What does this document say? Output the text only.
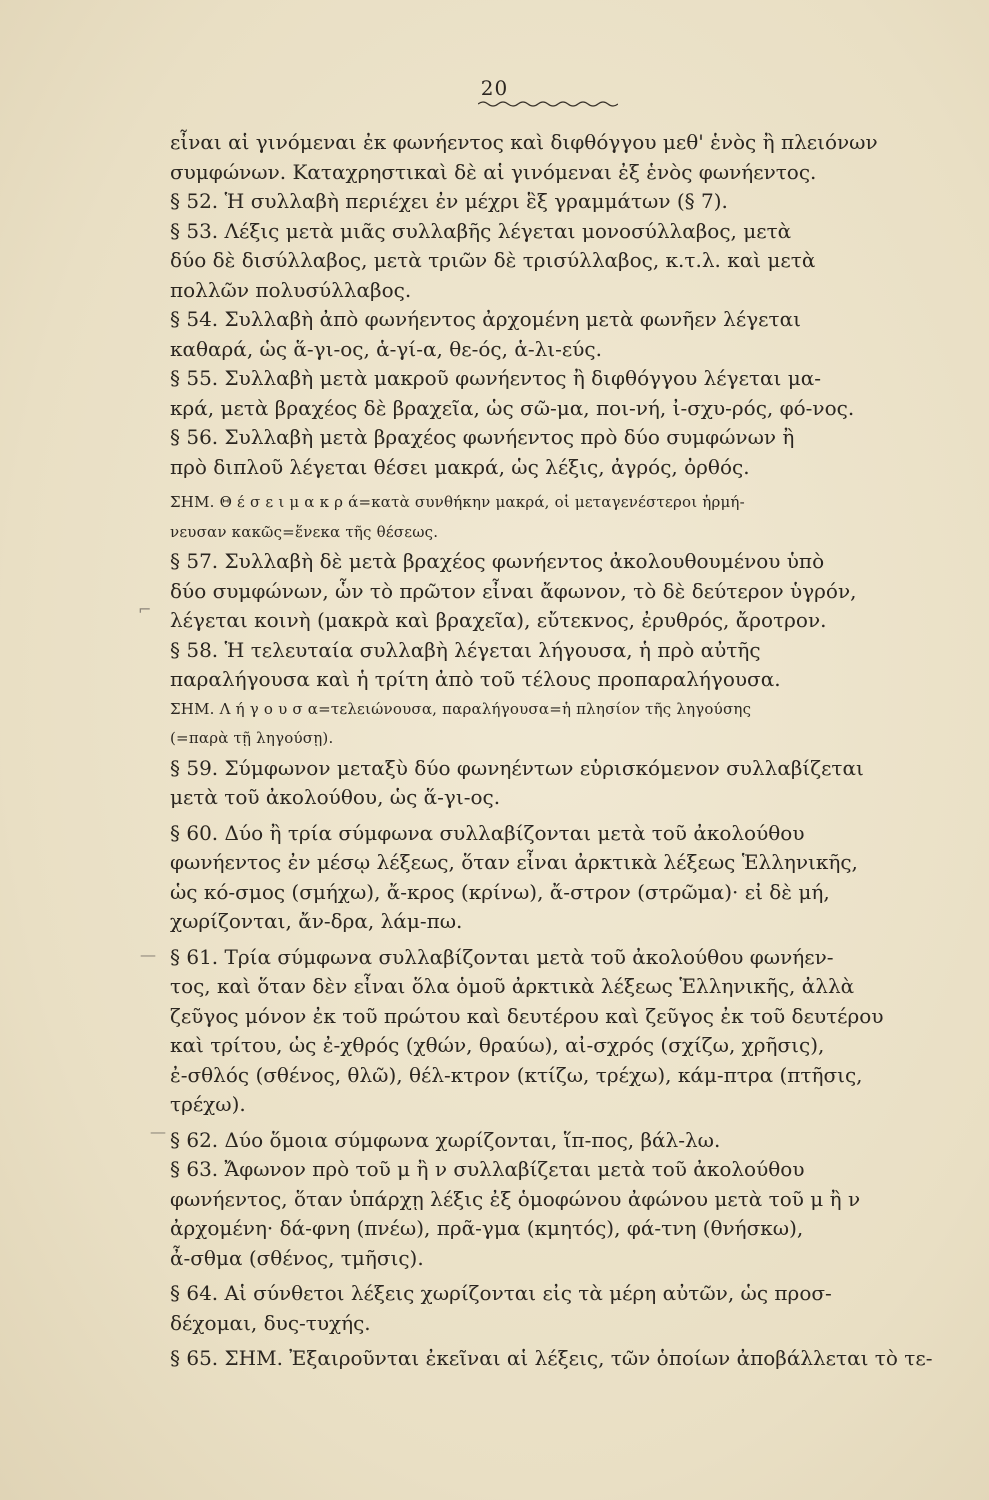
20
⌐
—
—
εἶναι αἱ γινόμεναι ἐκ φωνήεντος καὶ διφθόγγου μεθ' ἑνὸς ἢ πλειόνων
συμφώνων. Καταχρηστικαὶ δὲ αἱ γινόμεναι ἐξ ἑνὸς φωνήεντος.
§ 52. Ἡ συλλαβὴ περιέχει ἐν μέχρι ἓξ γραμμάτων (§ 7).
§ 53. Λέξις μετὰ μιᾶς συλλαβῆς λέγεται μονοσύλλαβος, μετὰ
δύο δὲ δισύλλαβος, μετὰ τριῶν δὲ τρισύλλαβος, κ.τ.λ. καὶ μετὰ
πολλῶν πολυσύλλαβος.
§ 54. Συλλαβὴ ἀπὸ φωνήεντος ἀρχομένη μετὰ φωνῆεν λέγεται
καθαρά, ὡς ἅ-γι-ος, ἁ-γί-α, θε-ός, ἁ-λι-εύς.
§ 55. Συλλαβὴ μετὰ μακροῦ φωνήεντος ἢ διφθόγγου λέγεται μα-
κρά, μετὰ βραχέος δὲ βραχεῖα, ὡς σῶ-μα, ποι-νή, ἰ-σχυ-ρός, φό-νος.
§ 56. Συλλαβὴ μετὰ βραχέος φωνήεντος πρὸ δύο συμφώνων ἢ
πρὸ διπλοῦ λέγεται θέσει μακρά, ὡς λέξις, ἀγρός, ὀρθός.
ΣΗΜ. Θ έ σ ε ι μ α κ ρ ά=κατὰ συνθήκην μακρά, οἱ μεταγενέστεροι ἡρμή-
νευσαν κακῶς=ἕνεκα τῆς θέσεως.
§ 57. Συλλαβὴ δὲ μετὰ βραχέος φωνήεντος ἀκολουθουμένου ὑπὸ
δύο συμφώνων, ὧν τὸ πρῶτον εἶναι ἄφωνον, τὸ δὲ δεύτερον ὑγρόν,
λέγεται κοινὴ (μακρὰ καὶ βραχεῖα), εὔτεκνος, ἐρυθρός, ἄροτρον.
§ 58. Ἡ τελευταία συλλαβὴ λέγεται λήγουσα, ἡ πρὸ αὐτῆς
παραλήγουσα καὶ ἡ τρίτη ἀπὸ τοῦ τέλους προπαραλήγουσα.
ΣΗΜ. Λ ή γ ο υ σ α=τελειώνουσα, παραλήγουσα=ἡ πλησίον τῆς ληγούσης
(=παρὰ τῇ ληγούσῃ).
§ 59. Σύμφωνον μεταξὺ δύο φωνηέντων εὑρισκόμενον συλλαβίζεται
μετὰ τοῦ ἀκολούθου, ὡς ἅ-γι-ος.
§ 60. Δύο ἢ τρία σύμφωνα συλλαβίζονται μετὰ τοῦ ἀκολούθου
φωνήεντος ἐν μέσῳ λέξεως, ὅταν εἶναι ἀρκτικὰ λέξεως Ἑλληνικῆς,
ὡς κό-σμος (σμήχω), ἄ-κρος (κρίνω), ἄ-στρον (στρῶμα)· εἰ δὲ μή,
χωρίζονται, ἄν-δρα, λάμ-πω.
§ 61. Τρία σύμφωνα συλλαβίζονται μετὰ τοῦ ἀκολούθου φωνήεν-
τος, καὶ ὅταν δὲν εἶναι ὅλα ὁμοῦ ἀρκτικὰ λέξεως Ἑλληνικῆς, ἀλλὰ
ζεῦγος μόνον ἐκ τοῦ πρώτου καὶ δευτέρου καὶ ζεῦγος ἐκ τοῦ δευτέρου
καὶ τρίτου, ὡς ἐ-χθρός (χθών, θραύω), αἰ-σχρός (σχίζω, χρῆσις),
ἐ-σθλός (σθένος, θλῶ), θέλ-κτρον (κτίζω, τρέχω), κάμ-πτρα (πτῆσις,
τρέχω).
§ 62. Δύο ὅμοια σύμφωνα χωρίζονται, ἵπ-πος, βάλ-λω.
§ 63. Ἄφωνον πρὸ τοῦ μ ἢ ν συλλαβίζεται μετὰ τοῦ ἀκολούθου
φωνήεντος, ὅταν ὑπάρχῃ λέξις ἐξ ὁμοφώνου ἀφώνου μετὰ τοῦ μ ἢ ν
ἀρχομένη· δά-φνη (πνέω), πρᾶ-γμα (κμητός), φά-τνη (θνήσκω),
ἆ-σθμα (σθένος, τμῆσις).
§ 64. Αἱ σύνθετοι λέξεις χωρίζονται εἰς τὰ μέρη αὐτῶν, ὡς προσ-
δέχομαι, δυς-τυχής.
§ 65. ΣΗΜ. Ἐξαιροῦνται ἐκεῖναι αἱ λέξεις, τῶν ὁποίων ἀποβάλλεται τὸ τε-
